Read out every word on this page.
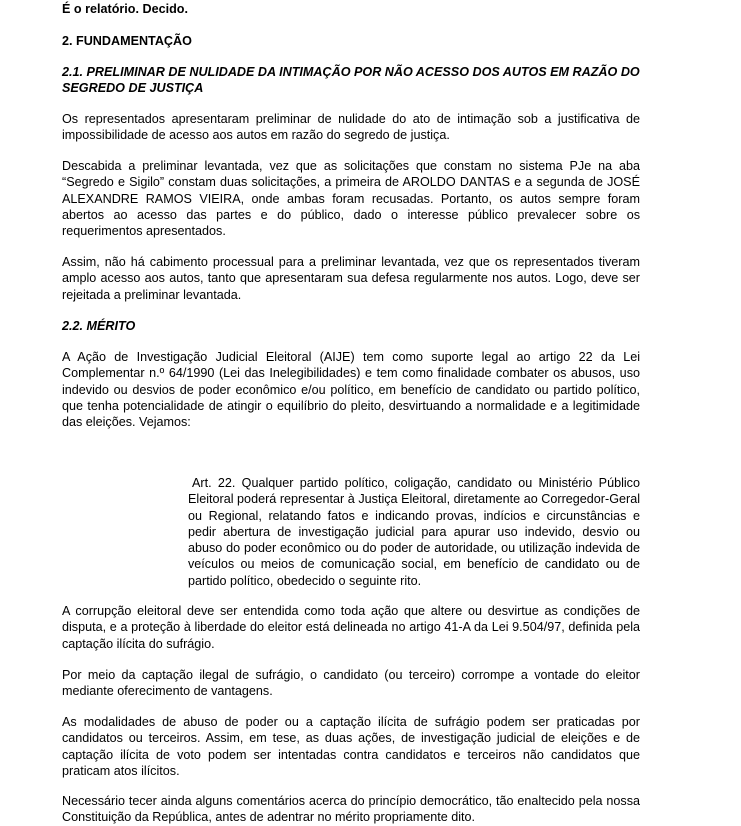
É o relatório. Decido.

2. FUNDAMENTAÇÃO

2.1. PRELIMINAR DE NULIDADE DA INTIMAÇÃO POR NÃO ACESSO DOS AUTOS EM RAZÃO DO SEGREDO DE JUSTIÇA

Os representados apresentaram preliminar de nulidade do ato de intimação sob a justificativa de impossibilidade de acesso aos autos em razão do segredo de justiça.

Descabida a preliminar levantada, vez que as solicitações que constam no sistema PJe na aba “Segredo e Sigilo” constam duas solicitações, a primeira de AROLDO DANTAS e a segunda de JOSÉ ALEXANDRE RAMOS VIEIRA, onde ambas foram recusadas. Portanto, os autos sempre foram abertos ao acesso das partes e do público, dado o interesse público prevalecer sobre os requerimentos apresentados.

Assim, não há cabimento processual para a preliminar levantada, vez que os representados tiveram amplo acesso aos autos, tanto que apresentaram sua defesa regularmente nos autos. Logo, deve ser rejeitada a preliminar levantada.

2.2. MÉRITO

A Ação de Investigação Judicial Eleitoral (AIJE) tem como suporte legal ao artigo 22 da Lei Complementar n.º 64/1990 (Lei das Inelegibilidades) e tem como finalidade combater os abusos, uso indevido ou desvios de poder econômico e/ou político, em benefício de candidato ou partido político, que tenha potencialidade de atingir o equilíbrio do pleito, desvirtuando a normalidade e a legitimidade das eleições. Vejamos:

Art. 22. Qualquer partido político, coligação, candidato ou Ministério Público Eleitoral poderá representar à Justiça Eleitoral, diretamente ao Corregedor-Geral ou Regional, relatando fatos e indicando provas, indícios e circunstâncias e pedir abertura de investigação judicial para apurar uso indevido, desvio ou abuso do poder econômico ou do poder de autoridade, ou utilização indevida de veículos ou meios de comunicação social, em benefício de candidato ou de partido político, obedecido o seguinte rito.

A corrupção eleitoral deve ser entendida como toda ação que altere ou desvirtue as condições de disputa, e a proteção à liberdade do eleitor está delineada no artigo 41-A da Lei 9.504/97, definida pela captação ilícita do sufrágio.

Por meio da captação ilegal de sufrágio, o candidato (ou terceiro) corrompe a vontade do eleitor mediante oferecimento de vantagens.

As modalidades de abuso de poder ou a captação ilícita de sufrágio podem ser praticadas por candidatos ou terceiros. Assim, em tese, as duas ações, de investigação judicial de eleições e de captação ilícita de voto podem ser intentadas contra candidatos e terceiros não candidatos que praticam atos ilícitos.

Necessário tecer ainda alguns comentários acerca do princípio democrático, tão enaltecido pela nossa Constituição da República, antes de adentrar no mérito propriamente dito.
